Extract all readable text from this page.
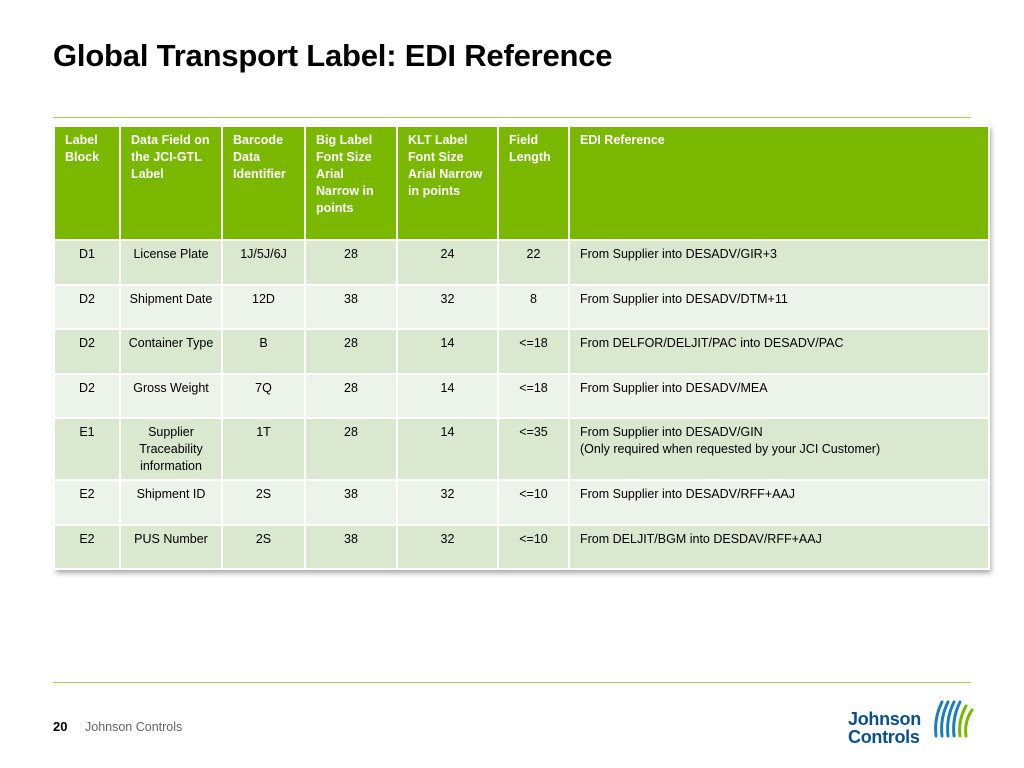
Global Transport Label: EDI Reference
Label Block	Data Field on the JCI-GTL Label	Barcode Data Identifier	Big Label Font Size Arial Narrow in points	KLT Label Font Size Arial Narrow in points	Field Length	EDI Reference
D1	License Plate	1J/5J/6J	28	24	22	From Supplier into DESADV/GIR+3
D2	Shipment Date	12D	38	32	8	From Supplier into DESADV/DTM+11
D2	Container Type	B	28	14	<=18	From DELFOR/DELJIT/PAC into DESADV/PAC
D2	Gross Weight	7Q	28	14	<=18	From Supplier into DESADV/MEA
E1	Supplier Traceability information	1T	28	14	<=35	From Supplier into DESADV/GIN
(Only required when requested by your JCI Customer)
E2	Shipment ID	2S	38	32	<=10	From Supplier into DESADV/RFF+AAJ
E2	PUS Number	2S	38	32	<=10	From DELJIT/BGM into DESDAV/RFF+AAJ
20 Johnson Controls	Johnson
Controls
